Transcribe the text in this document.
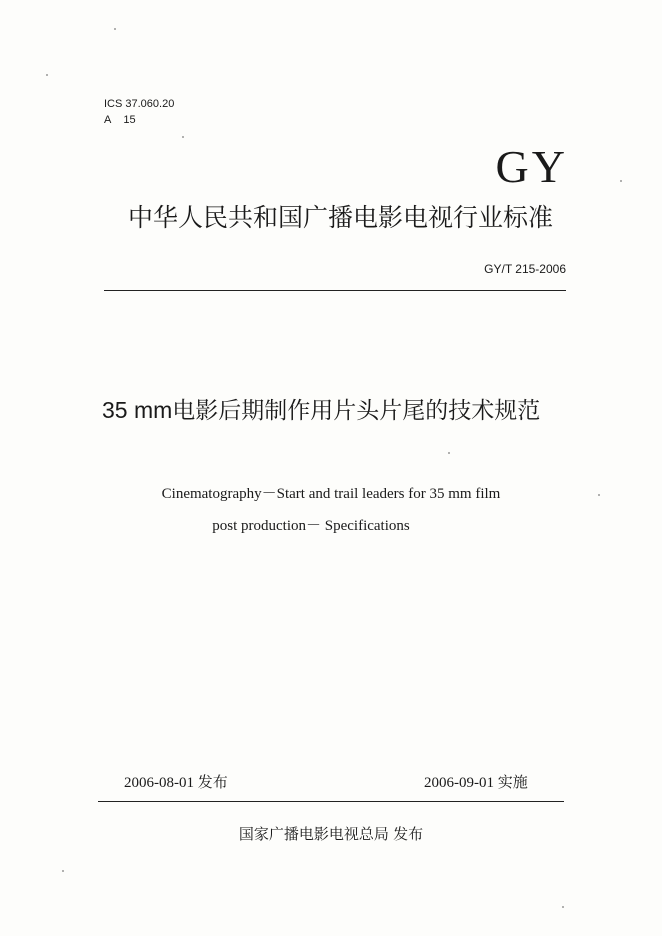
ICS 37.060.20
A 15
GY
中华人民共和国广播电影电视行业标准
GY/T 215-2006
35 mm电影后期制作用片头片尾的技术规范
Cinematography－Start and trail leaders for 35 mm film
post production－ Specifications
2006-08-01 发布	2006-09-01 实施
国家广播电影电视总局 发布
